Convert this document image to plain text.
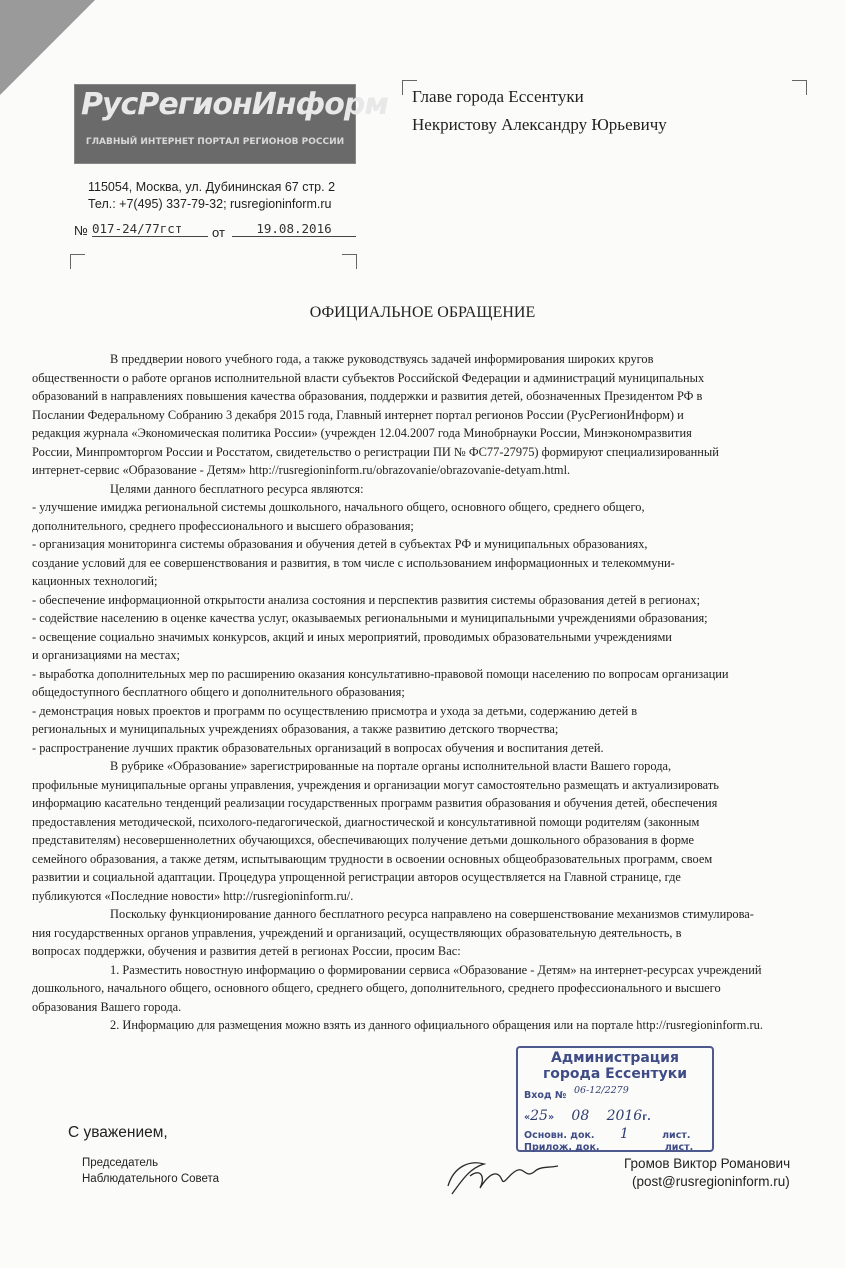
РусРегионИнформ
ГЛАВНЫЙ ИНТЕРНЕТ ПОРТАЛ РЕГИОНОВ РОССИИ
115054, Москва, ул. Дубининская 67 стр. 2
Тел.: +7(495) 337-79-32; rusregioninform.ru
№ 017-24/77гст	от	19.08.2016
Главе города Ессентуки
Некристову Александру Юрьевичу
ОФИЦИАЛЬНОЕ ОБРАЩЕНИЕ

В преддверии нового учебного года, а также руководствуясь задачей информирования широких кругов

общественности о работе органов исполнительной власти субъектов Российской Федерации и администраций муниципальных

образований в направлениях повышения качества образования, поддержки и развития детей, обозначенных Президентом РФ в

Послании Федеральному Собранию 3 декабря 2015 года, Главный интернет портал регионов России (РусРегионИнформ) и

редакция журнала «Экономическая политика России» (учрежден 12.04.2007 года Минобрнауки России, Минэкономразвития

России, Минпромторгом России и Росстатом, свидетельство о регистрации ПИ № ФС77-27975) формируют специализированный

интернет-сервис «Образование - Детям» http://rusregioninform.ru/obrazovanie/obrazovanie-detyam.html.

Целями данного бесплатного ресурса являются:

- улучшение имиджа региональной системы дошкольного, начального общего, основного общего, среднего общего,

дополнительного, среднего профессионального и высшего образования;

- организация мониторинга системы образования и обучения детей в субъектах РФ и муниципальных образованиях,

создание условий для ее совершенствования и развития, в том числе с использованием информационных и телекоммуни-

кационных технологий;

- обеспечение информационной открытости анализа состояния и перспектив развития системы образования детей в регионах;

- содействие населению в оценке качества услуг, оказываемых региональными и муниципальными учреждениями образования;

- освещение социально значимых конкурсов, акций и иных мероприятий, проводимых образовательными учреждениями

и организациями на местах;

- выработка дополнительных мер по расширению оказания консультативно-правовой помощи населению по вопросам организации

общедоступного бесплатного общего и дополнительного образования;

- демонстрация новых проектов и программ по осуществлению присмотра и ухода за детьми, содержанию детей в

региональных и муниципальных учреждениях образования, а также развитию детского творчества;

- распространение лучших практик образовательных организаций в вопросах обучения и воспитания детей.

В рубрике «Образование» зарегистрированные на портале органы исполнительной власти Вашего города,

профильные муниципальные органы управления, учреждения и организации могут самостоятельно размещать и актуализировать

информацию касательно тенденций реализации государственных программ развития образования и обучения детей, обеспечения

предоставления методической, психолого-педагогической, диагностической и консультативной помощи родителям (законным

представителям) несовершеннолетних обучающихся, обеспечивающих получение детьми дошкольного образования в форме

семейного образования, а также детям, испытывающим трудности в освоении основных общеобразовательных программ, своем

развитии и социальной адаптации. Процедура упрощенной регистрации авторов осуществляется на Главной странице, где

публикуются «Последние новости» http://rusregioninform.ru/.

Поскольку функционирование данного бесплатного ресурса направлено на совершенствование механизмов стимулирова-

ния государственных органов управления, учреждений и организаций, осуществляющих образовательную деятельность, в

вопросах поддержки, обучения и развития детей в регионах России, просим Вас:

1. Разместить новостную информацию о формировании сервиса «Образование - Детям» на интернет-ресурсах учреждений

дошкольного, начального общего, основного общего, среднего общего, дополнительного, среднего профессионального и высшего

образования Вашего города.

2. Информацию для размещения можно взять из данного официального обращения или на портале http://rusregioninform.ru.

С уважением,
Председатель
Наблюдательного Совета
Громов Виктор Романович
(post@rusregioninform.ru)
Администрация
города Ессентуки
Вход № 06-12/2279
«25» 08 2016г.
Основн. док. 1	лист.
Прилож. док.	лист.
